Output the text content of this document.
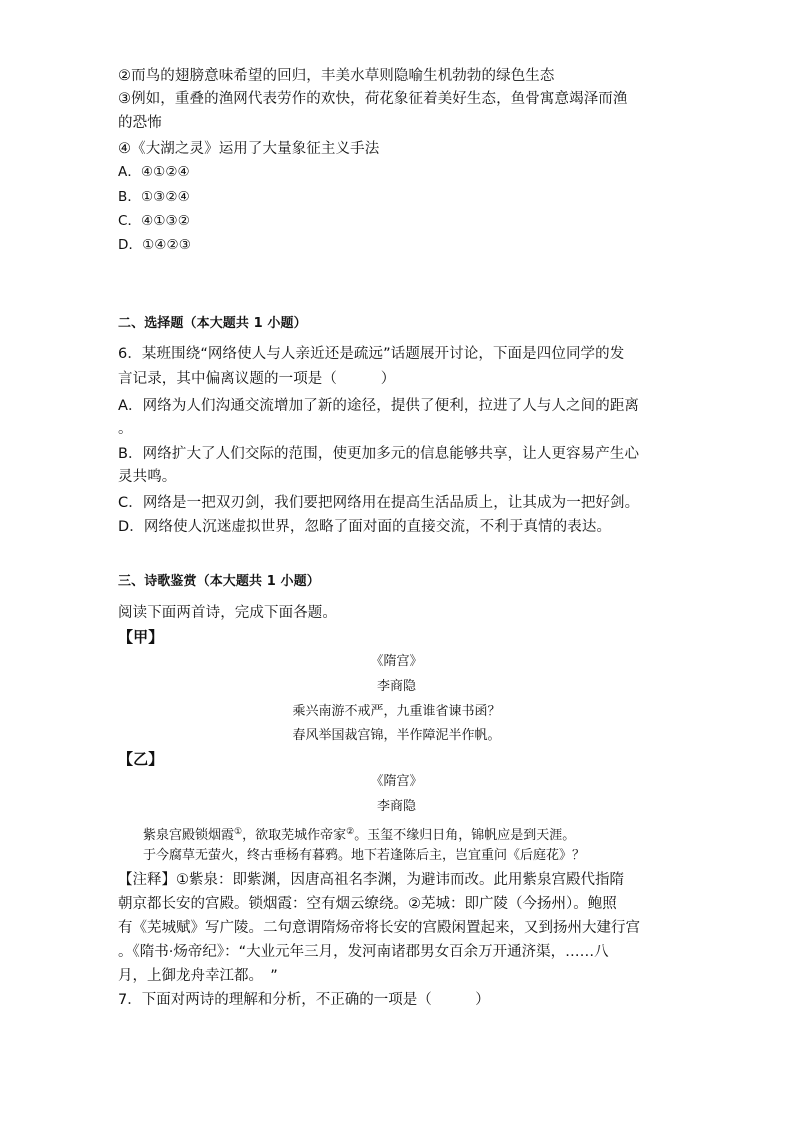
②而鸟的翅膀意味希望的回归，丰美水草则隐喻生机勃勃的绿色生态
③例如，重叠的渔网代表劳作的欢快，荷花象征着美好生态，鱼骨寓意竭泽而渔
的恐怖
④《大湖之灵》运用了大量象征主义手法
A．④①②④
B．①③②④
C．④①③②
D．①④②③
二、选择题（本大题共 1 小题）
6．某班围绕“网络使人与人亲近还是疏远”话题展开讨论，下面是四位同学的发
言记录，其中偏离议题的一项是（　　　）
A．网络为人们沟通交流增加了新的途径，提供了便利，拉进了人与人之间的距离
。
B．网络扩大了人们交际的范围，使更加多元的信息能够共享，让人更容易产生心
灵共鸣。
C．网络是一把双刃剑，我们要把网络用在提高生活品质上，让其成为一把好剑。
D．网络使人沉迷虚拟世界，忽略了面对面的直接交流，不利于真情的表达。
三、诗歌鉴赏（本大题共 1 小题）
阅读下面两首诗，完成下面各题。
【甲】
《隋宫》
李商隐
乘兴南游不戒严，九重谁省谏书函？
春风举国裁宫锦，半作障泥半作帆。
【乙】
《隋宫》
李商隐
紫泉宫殿锁烟霞①，欲取芜城作帝家②。玉玺不缘归日角，锦帆应是到天涯。
于今腐草无萤火，终古垂杨有暮鸦。地下若逢陈后主，岂宜重问《后庭花》？
【注释】①紫泉：即紫渊，因唐高祖名李渊，为避讳而改。此用紫泉宫殿代指隋
朝京都长安的宫殿。锁烟霞：空有烟云缭绕。②芜城：即广陵（今扬州）。鲍照
有《芜城赋》写广陵。二句意谓隋炀帝将长安的宫殿闲置起来，又到扬州大建行宫
。《隋书·炀帝纪》：“大业元年三月，发河南诸郡男女百余万开通济渠，……八
月，上御龙舟幸江都。　”
7．下面对两诗的理解和分析，不正确的一项是（　　　）
